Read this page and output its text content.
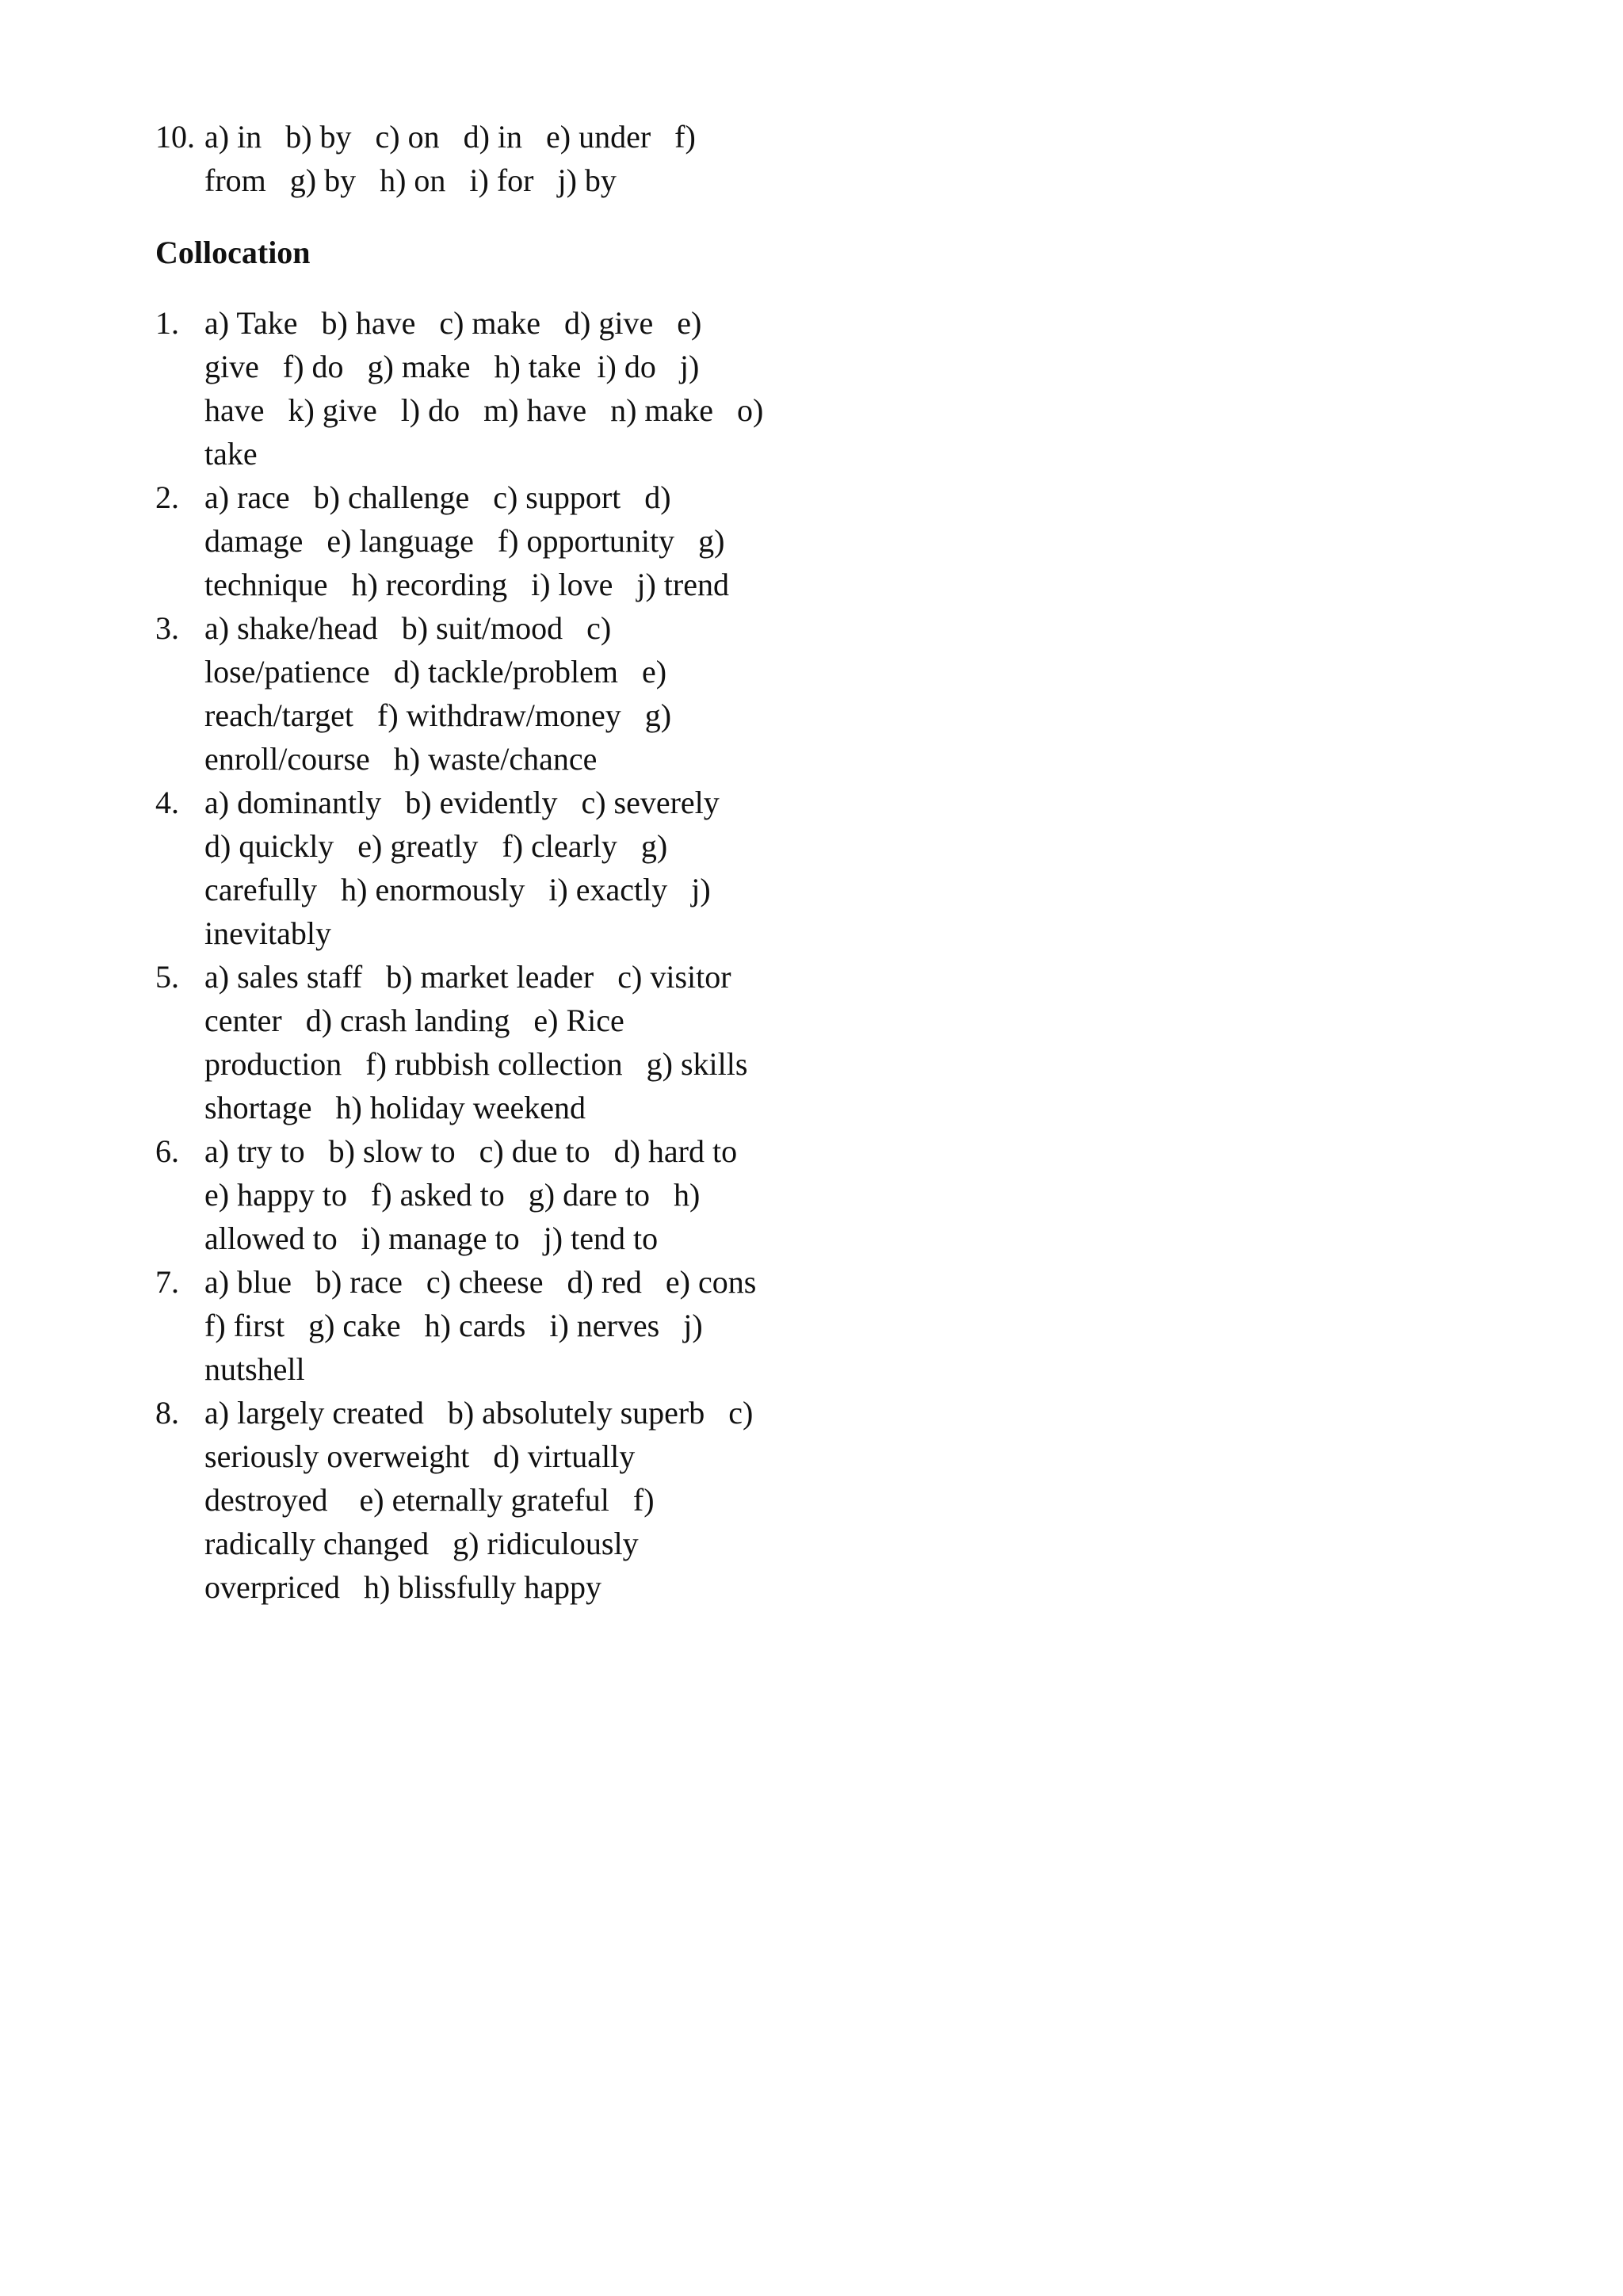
10. a) in   b) by   c) on   d) in   e) under   f)
from   g) by   h) on   i) for   j) by
Collocation
1. a) Take   b) have   c) make   d) give   e)
give   f) do   g) make   h) take  i) do   j)
have   k) give   l) do   m) have   n) make   o)
take
2. a) race   b) challenge   c) support   d)
damage   e) language   f) opportunity   g)
technique   h) recording   i) love   j) trend
3. a) shake/head   b) suit/mood   c)
lose/patience   d) tackle/problem   e)
reach/target   f) withdraw/money   g)
enroll/course   h) waste/chance
4. a) dominantly   b) evidently   c) severely
d) quickly   e) greatly   f) clearly   g)
carefully   h) enormously   i) exactly   j)
inevitably
5. a) sales staff   b) market leader   c) visitor
center   d) crash landing   e) Rice
production   f) rubbish collection   g) skills
shortage   h) holiday weekend
6. a) try to   b) slow to   c) due to   d) hard to
e) happy to   f) asked to   g) dare to   h)
allowed to   i) manage to   j) tend to
7. a) blue   b) race   c) cheese   d) red   e) cons
f) first   g) cake   h) cards   i) nerves   j)
nutshell
8. a) largely created   b) absolutely superb   c)
seriously overweight   d) virtually
destroyed    e) eternally grateful   f)
radically changed   g) ridiculously
overpriced   h) blissfully happy
